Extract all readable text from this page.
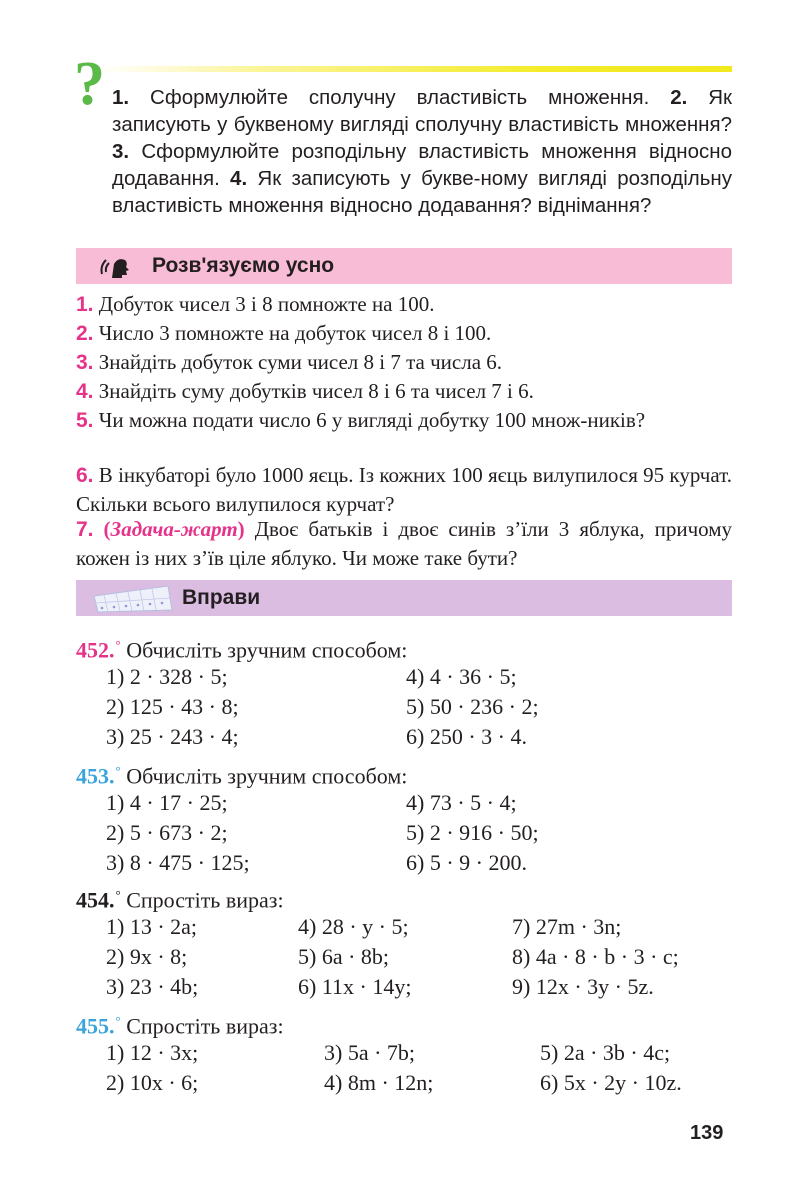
? 1. Сформулюйте сполучну властивість множення. 2. Як записують у буквеному вигляді сполучну властивість множення? 3. Сформулюйте розподільну властивість множення відносно додавання. 4. Як записують у букве-ному вигляді розподільну властивість множення відносно додавання? віднімання?
Розв'язуємо усно
1. Добуток чисел 3 і 8 помножте на 100.
2. Число 3 помножте на добуток чисел 8 і 100.
3. Знайдіть добуток суми чисел 8 і 7 та числа 6.
4. Знайдіть суму добутків чисел 8 і 6 та чисел 7 і 6.
5. Чи можна подати число 6 у вигляді добутку 100 множ-ників?
6. В інкубаторі було 1000 яєць. Із кожних 100 яєць вилупилося 95 курчат. Скільки всього вилупилося курчат?
7. (Задача-жарт) Двоє батьків і двоє синів з’їли 3 яблука, причому кожен із них з’їв ціле яблуко. Чи може таке бути?
Вправи
452.° Обчисліть зручним способом:
1) 2 · 328 · 5;
2) 125 · 43 · 8;
3) 25 · 243 · 4;
4) 4 · 36 · 5;
5) 50 · 236 · 2;
6) 250 · 3 · 4.
453.° Обчисліть зручним способом:
1) 4 · 17 · 25;
2) 5 · 673 · 2;
3) 8 · 475 · 125;
4) 73 · 5 · 4;
5) 2 · 916 · 50;
6) 5 · 9 · 200.
454.° Спростіть вираз:
1) 13 · 2a;
2) 9x · 8;
3) 23 · 4b;
4) 28 · y · 5;
5) 6a · 8b;
6) 11x · 14y;
7) 27m · 3n;
8) 4a · 8 · b · 3 · c;
9) 12x · 3y · 5z.
455.° Спростіть вираз:
1) 12 · 3x;
2) 10x · 6;
3) 5a · 7b;
4) 8m · 12n;
5) 2a · 3b · 4c;
6) 5x · 2y · 10z.
139
